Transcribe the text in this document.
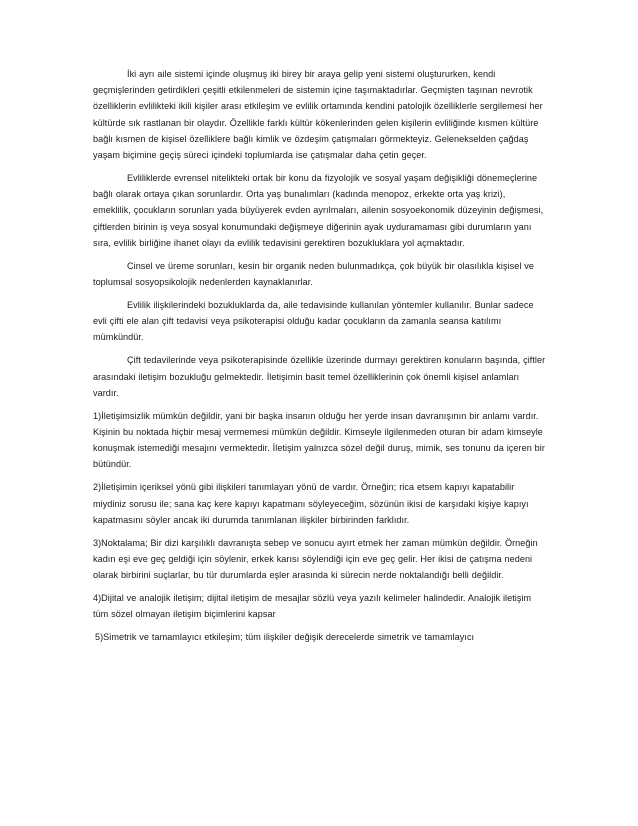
İki ayrı aile sistemi içinde oluşmuş iki birey bir araya gelip yeni sistemi oluştururken, kendi geçmişlerinden getirdikleri çeşitli etkilenmeleri de sistemin içine taşımaktadırlar. Geçmişten taşınan nevrotik özelliklerin evlilikteki ikili kişiler arası etkileşim ve evlilik ortamında kendini patolojik özelliklerle sergilemesi her kültürde sık rastlanan bir olaydır. Özellikle farklı kültür kökenlerinden gelen kişilerin evliliğinde kısmen kültüre bağlı kısmen de kişisel özelliklere bağlı kimlik ve özdeşim çatışmaları görmekteyiz. Gelenekselden çağdaş yaşam biçimine geçiş süreci içindeki toplumlarda ise çatışmalar daha çetin geçer.

Evliliklerde evrensel nitelikteki ortak bir konu da fizyolojik ve sosyal yaşam değişikliği dönemeçlerine bağlı olarak ortaya çıkan sorunlardır. Orta yaş bunalımları (kadında menopoz, erkekte orta yaş krizi), emeklilik, çocukların sorunları yada büyüyerek evden ayrılmaları, ailenin sosyoekonomik düzeyinin değişmesi, çiftlerden birinin iş veya sosyal konumundaki değişmeye diğerinin ayak uyduramaması gibi durumların yanı sıra, evlilik birliğine ihanet olayı da evlilik tedavisini gerektiren bozukluklara yol açmaktadır.

Cinsel ve üreme sorunları, kesin bir organik neden bulunmadıkça, çok büyük bir olasılıkla kişisel ve toplumsal sosyopsikolojik nedenlerden kaynaklanırlar.

Evlilik ilişkilerindeki bozukluklarda da, aile tedavisinde kullanılan yöntemler kullanılır. Bunlar sadece evli çifti ele alan çift tedavisi veya psikoterapisi olduğu kadar çocukların da zamanla seansa katılımı mümkündür.

Çift tedavilerinde veya psikoterapisinde özellikle üzerinde durmayı gerektiren konuların başında, çiftler arasındaki iletişim bozukluğu gelmektedir. İletişimin basit temel özelliklerinin çok önemli kişisel anlamları vardır.

1)İletişimsizlik mümkün değildir, yani bir başka insanın olduğu her yerde insan davranışının bir anlamı vardır. Kişinin bu noktada hiçbir mesaj vermemesi mümkün değildir. Kimseyle ilgilenmeden oturan bir adam kimseyle konuşmak istemediği mesajını vermektedir. İletişim yalnızca sözel değil duruş, mimik, ses tonunu da içeren bir bütündür.

2)İletişimin içeriksel yönü gibi ilişkileri tanımlayan yönü de vardır. Örneğin; rica etsem kapıyı kapatabilir miydiniz sorusu ile; sana kaç kere kapıyı kapatmanı söyleyeceğim, sözünün ikisi de karşıdaki kişiye kapıyı kapatmasını söyler ancak iki durumda tanımlanan ilişkiler birbirinden farklıdır.

3)Noktalama; Bir dizi karşılıklı davranışta sebep ve sonucu ayırt etmek her zaman mümkün değildir. Örneğin kadın eşi eve geç geldiği için söylenir, erkek karısı söylendiği için eve geç gelir. Her ikisi de çatışma nedeni olarak birbirini suçlarlar, bu tür durumlarda eşler arasında ki sürecin nerde noktalandığı belli değildir.

4)Dijital ve analojik iletişim; dijital iletişim de mesajlar sözlü veya yazılı kelimeler halindedir. Analojik iletişim tüm sözel olmayan iletişim biçimlerini kapsar

5)Simetrik ve tamamlayıcı etkileşim; tüm ilişkiler değişik derecelerde simetrik ve tamamlayıcı
